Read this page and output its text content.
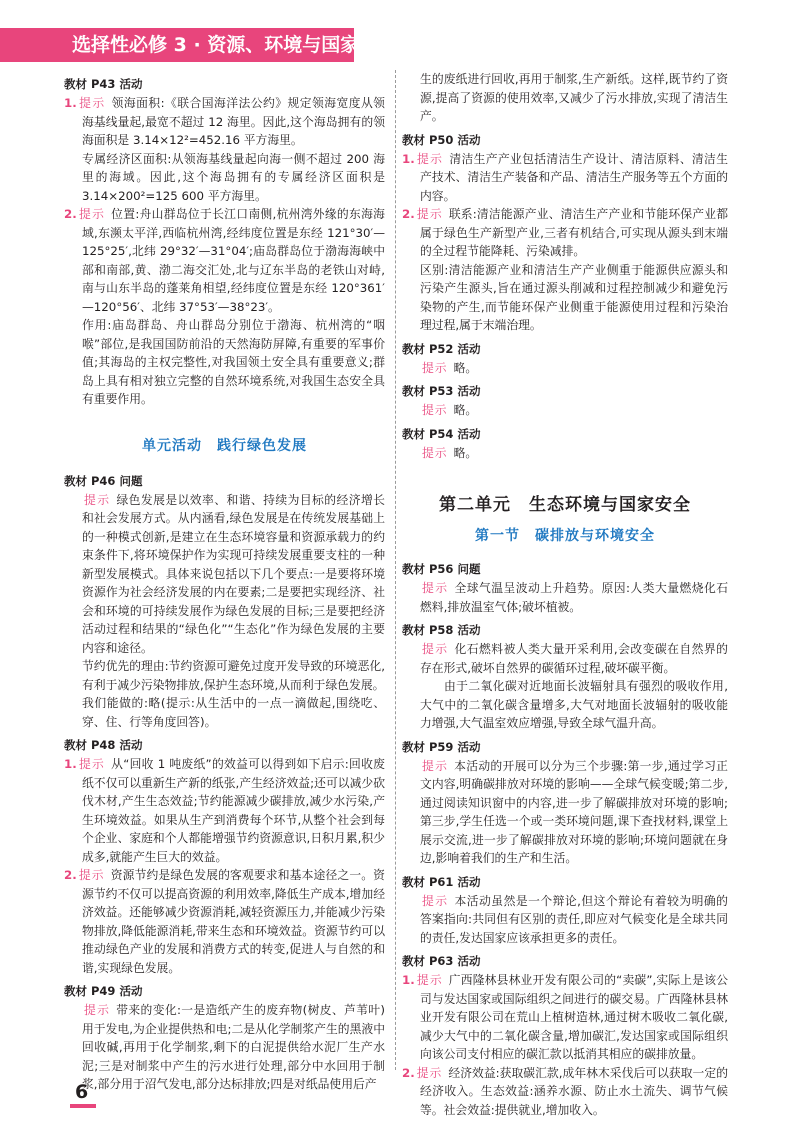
选择性必修 3 · 资源、环境与国家安全

教材 P43 活动

1. 提示 领海面积:《联合国海洋法公约》规定领海宽度从领海基线量起,最宽不超过 12 海里。因此,这个海岛拥有的领海面积是 3.14×12²=452.16 平方海里。

专属经济区面积:从领海基线量起向海一侧不超过 200 海里的海域。因此,这个海岛拥有的专属经济区面积是 3.14×200²=125 600 平方海里。

2. 提示 位置:舟山群岛位于长江口南侧,杭州湾外缘的东海海域,东濒太平洋,西临杭州湾,经纬度位置是东经 121°30′—125°25′,北纬 29°32′—31°04′;庙岛群岛位于渤海海峡中部和南部,黄、渤二海交汇处,北与辽东半岛的老铁山对峙,南与山东半岛的蓬莱角相望,经纬度位置是东经 120°361′—120°56′、北纬 37°53′—38°23′。

作用:庙岛群岛、舟山群岛分别位于渤海、杭州湾的“咽喉”部位,是我国国防前沿的天然海防屏障,有重要的军事价值;其海岛的主权完整性,对我国领土安全具有重要意义;群岛上具有相对独立完整的自然环境系统,对我国生态安全具有重要作用。

单元活动　践行绿色发展

教材 P46 问题

提示 绿色发展是以效率、和谐、持续为目标的经济增长和社会发展方式。从内涵看,绿色发展是在传统发展基础上的一种模式创新,是建立在生态环境容量和资源承载力的约束条件下,将环境保护作为实现可持续发展重要支柱的一种新型发展模式。具体来说包括以下几个要点:一是要将环境资源作为社会经济发展的内在要素;二是要把实现经济、社会和环境的可持续发展作为绿色发展的目标;三是要把经济活动过程和结果的“绿色化”“生态化”作为绿色发展的主要内容和途径。

节约优先的理由:节约资源可避免过度开发导致的环境恶化,有利于减少污染物排放,保护生态环境,从而利于绿色发展。

我们能做的:略(提示:从生活中的一点一滴做起,围绕吃、穿、住、行等角度回答)。

教材 P48 活动

1. 提示 从“回收 1 吨废纸”的效益可以得到如下启示:回收废纸不仅可以重新生产新的纸张,产生经济效益;还可以减少砍伐木材,产生生态效益;节约能源减少碳排放,减少水污染,产生环境效益。如果从生产到消费每个环节,从整个社会到每个企业、家庭和个人都能增强节约资源意识,日积月累,积少成多,就能产生巨大的效益。

2. 提示 资源节约是绿色发展的客观要求和基本途径之一。资源节约不仅可以提高资源的利用效率,降低生产成本,增加经济效益。还能够减少资源消耗,减轻资源压力,并能减少污染物排放,降低能源消耗,带来生态和环境效益。资源节约可以推动绿色产业的发展和消费方式的转变,促进人与自然的和谐,实现绿色发展。

教材 P49 活动

提示 带来的变化:一是造纸产生的废弃物(树皮、芦苇叶)用于发电,为企业提供热和电;二是从化学制浆产生的黑液中回收碱,再用于化学制浆,剩下的白泥提供给水泥厂生产水泥;三是对制浆中产生的污水进行处理,部分中水回用于制浆,部分用于沼气发电,部分达标排放;四是对纸品使用后产

生的废纸进行回收,再用于制浆,生产新纸。这样,既节约了资源,提高了资源的使用效率,又减少了污水排放,实现了清洁生产。

教材 P50 活动

1. 提示 清洁生产产业包括清洁生产设计、清洁原料、清洁生产技术、清洁生产装备和产品、清洁生产服务等五个方面的内容。

2. 提示 联系:清洁能源产业、清洁生产产业和节能环保产业都属于绿色生产新型产业,三者有机结合,可实现从源头到末端的全过程节能降耗、污染减排。

区别:清洁能源产业和清洁生产产业侧重于能源供应源头和污染产生源头,旨在通过源头削减和过程控制减少和避免污染物的产生,而节能环保产业侧重于能源使用过程和污染治理过程,属于末端治理。

教材 P52 活动

提示 略。

教材 P53 活动

提示 略。

教材 P54 活动

提示 略。

第二单元　生态环境与国家安全
第一节　碳排放与环境安全

教材 P56 问题

提示 全球气温呈波动上升趋势。原因:人类大量燃烧化石燃料,排放温室气体;破坏植被。

教材 P58 活动

提示 化石燃料被人类大量开采利用,会改变碳在自然界的存在形式,破坏自然界的碳循环过程,破坏碳平衡。

由于二氧化碳对近地面长波辐射具有强烈的吸收作用,大气中的二氧化碳含量增多,大气对地面长波辐射的吸收能力增强,大气温室效应增强,导致全球气温升高。

教材 P59 活动

提示 本活动的开展可以分为三个步骤:第一步,通过学习正文内容,明确碳排放对环境的影响——全球气候变暖;第二步,通过阅读知识窗中的内容,进一步了解碳排放对环境的影响;第三步,学生任选一个或一类环境问题,课下查找材料,课堂上展示交流,进一步了解碳排放对环境的影响;环境问题就在身边,影响着我们的生产和生活。

教材 P61 活动

提示 本活动虽然是一个辩论,但这个辩论有着较为明确的答案指向:共同但有区别的责任,即应对气候变化是全球共同的责任,发达国家应该承担更多的责任。

教材 P63 活动

1. 提示 广西隆林县林业开发有限公司的“卖碳”,实际上是该公司与发达国家或国际组织之间进行的碳交易。广西隆林县林业开发有限公司在荒山上植树造林,通过树木吸收二氧化碳,减少大气中的二氧化碳含量,增加碳汇,发达国家或国际组织向该公司支付相应的碳汇款以抵消其相应的碳排放量。

2. 提示 经济效益:获取碳汇款,成年林木采伐后可以获取一定的经济收入。生态效益:涵养水源、防止水土流失、调节气候等。社会效益:提供就业,增加收入。

6
